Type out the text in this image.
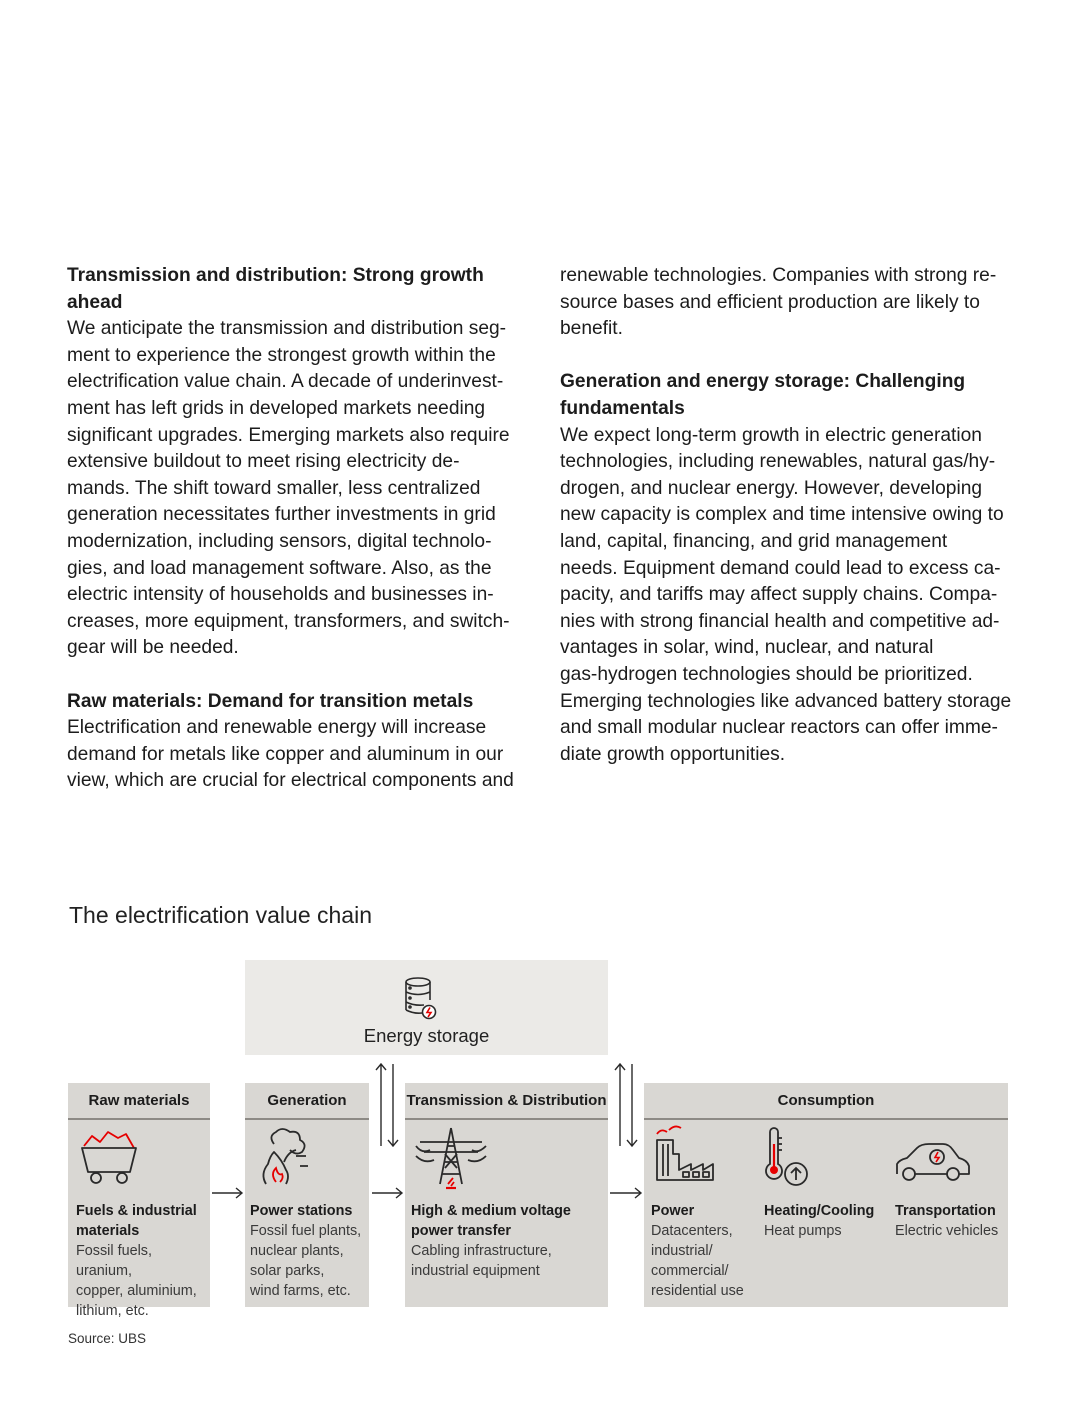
Transmission and distribution: Strong growth ahead

We anticipate the transmission and distribution seg-
ment to experience the strongest growth within the
electrification value chain. A decade of underinvest-
ment has left grids in developed markets needing
significant upgrades. Emerging markets also require
extensive buildout to meet rising electricity de-
mands. The shift toward smaller, less centralized
generation necessitates further investments in grid
modernization, including sensors, digital technolo-
gies, and load management software. Also, as the
electric intensity of households and businesses in-
creases, more equipment, transformers, and switch-
gear will be needed.

Raw materials: Demand for transition metals

Electrification and renewable energy will increase
demand for metals like copper and aluminum in our
view, which are crucial for electrical components and

renewable technologies. Companies with strong re-
source bases and efficient production are likely to
benefit.

Generation and energy storage: Challenging fundamentals

We expect long-term growth in electric generation
technologies, including renewables, natural gas/hy-
drogen, and nuclear energy. However, developing
new capacity is complex and time intensive owing to
land, capital, financing, and grid management
needs. Equipment demand could lead to excess ca-
pacity, and tariffs may affect supply chains. Compa-
nies with strong financial health and competitive ad-
vantages in solar, wind, nuclear, and natural
gas-hydrogen technologies should be prioritized.
Emerging technologies like advanced battery storage
and small modular nuclear reactors can offer imme-
diate growth opportunities.

The electrification value chain
Energy storage
Raw materials
Fuels & industrial
materials
Fossil fuels, uranium,
copper, aluminium,
lithium, etc.
Generation
Power stations
Fossil fuel plants,
nuclear plants,
solar parks,
wind farms, etc.
Transmission & Distribution
High & medium voltage
power transfer
Cabling infrastructure,
industrial equipment
Consumption
Power
Datacenters,
industrial/
commercial/
residential use
Heating/Cooling
Heat pumps
Transportation
Electric vehicles
Source: UBS
